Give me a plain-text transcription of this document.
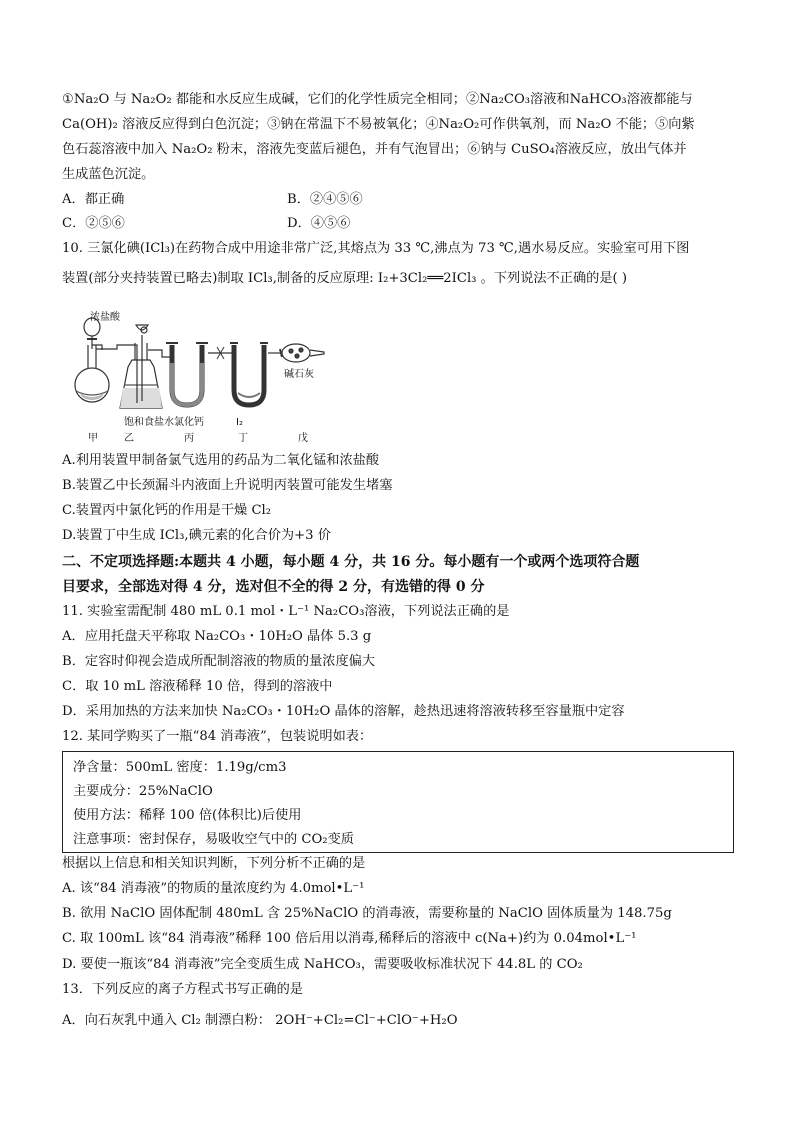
①Na₂O 与 Na₂O₂ 都能和水反应生成碱，它们的化学性质完全相同；②Na₂CO₃溶液和NaHCO₃溶液都能与
Ca(OH)₂ 溶液反应得到白色沉淀；③钠在常温下不易被氧化；④Na₂O₂可作供氧剂，而 Na₂O 不能；⑤向紫
色石蕊溶液中加入 Na₂O₂ 粉末，溶液先变蓝后褪色，并有气泡冒出；⑥钠与 CuSO₄溶液反应，放出气体并
生成蓝色沉淀。
A．都正确	B．②④⑤⑥
C．②⑤⑥	D．④⑤⑥
10. 三氯化碘(ICl₃)在药物合成中用途非常广泛,其熔点为 33 ℃,沸点为 73 ℃,遇水易反应。实验室可用下图
装置(部分夹持装置已略去)制取 ICl₃,制备的反应原理: I₂+3Cl₂══2ICl₃ 。下列说法不正确的是( )
浓盐酸
饱和食盐水 氯化钙	I₂
碱石灰
甲	乙	丙	丁	戊
A.利用装置甲制备氯气选用的药品为二氧化锰和浓盐酸
B.装置乙中长颈漏斗内液面上升说明丙装置可能发生堵塞
C.装置丙中氯化钙的作用是干燥 Cl₂
D.装置丁中生成 ICl₃,碘元素的化合价为+3 价
二、不定项选择题:本题共 4 小题，每小题 4 分，共 16 分。每小题有一个或两个选项符合题
目要求，全部选对得 4 分，选对但不全的得 2 分，有选错的得 0 分
11. 实验室需配制 480 mL 0.1 mol・L⁻¹ Na₂CO₃溶液，下列说法正确的是
A．应用托盘天平称取 Na₂CO₃・10H₂O 晶体 5.3 g
B．定容时仰视会造成所配制溶液的物质的量浓度偏大
C．取 10 mL 溶液稀释 10 倍，得到的溶液中
D．采用加热的方法来加快 Na₂CO₃・10H₂O 晶体的溶解，趁热迅速将溶液转移至容量瓶中定容
12. 某同学购买了一瓶“84 消毒液”，包装说明如表：
净含量：500mL 密度：1.19g/cm3
主要成分：25%NaClO
使用方法：稀释 100 倍(体积比)后使用
注意事项：密封保存，易吸收空气中的 CO₂变质
根据以上信息和相关知识判断，下列分析不正确的是
A. 该“84 消毒液”的物质的量浓度约为 4.0mol•L⁻¹
B. 欲用 NaClO 固体配制 480mL 含 25%NaClO 的消毒液，需要称量的 NaClO 固体质量为 148.75g
C. 取 100mL 该“84 消毒液”稀释 100 倍后用以消毒,稀释后的溶液中 c(Na+)约为 0.04mol•L⁻¹
D. 要使一瓶该“84 消毒液”完全变质生成 NaHCO₃，需要吸收标准状况下 44.8L 的 CO₂
13．下列反应的离子方程式书写正确的是
A．向石灰乳中通入 Cl₂ 制漂白粉： 2OH⁻+Cl₂=Cl⁻+ClO⁻+H₂O
